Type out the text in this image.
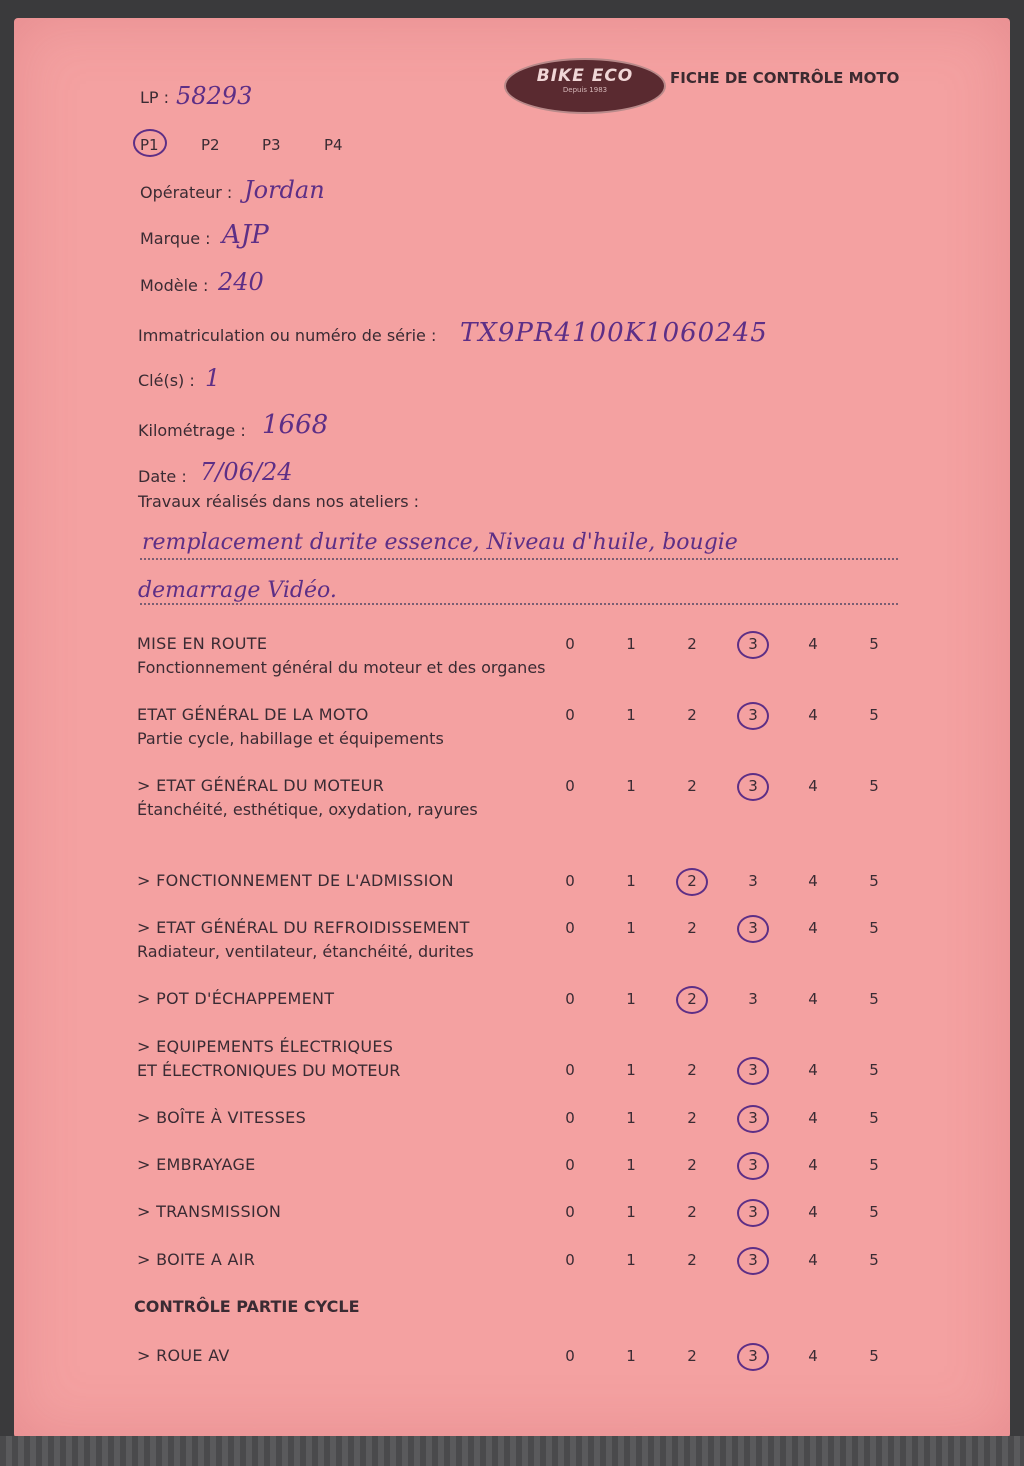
BIKE ECO
Depuis 1983
FICHE DE CONTRÔLE MOTO
LP : 58293
P1	P2	P3	P4
Opérateur : Jordan
Marque : AJP
Modèle : 240
Immatriculation ou numéro de série : TX9PR4100K1060245
Clé(s) : 1
Kilométrage : 1668
Date : 7/06/24
Travaux réalisés dans nos ateliers :
remplacement durite essence, Niveau d'huile, bougie
demarrage Vidéo.
MISE EN ROUTE
Fonctionnement général du moteur et des organes
0	1	2	3	4	5
ETAT GÉNÉRAL DE LA MOTO
Partie cycle, habillage et équipements
0	1	2	3	4	5
> ETAT GÉNÉRAL DU MOTEUR
Étanchéité, esthétique, oxydation, rayures
0	1	2	3	4	5
> FONCTIONNEMENT DE L'ADMISSION	0	1	2	3	4	5
> ETAT GÉNÉRAL DU REFROIDISSEMENT
Radiateur, ventilateur, étanchéité, durites
0	1	2	3	4	5
> POT D'ÉCHAPPEMENT	0	1	2	3	4	5
> EQUIPEMENTS ÉLECTRIQUES
ET ÉLECTRONIQUES DU MOTEUR	0	1	2	3	4	5
> BOÎTE À VITESSES	0	1	2	3	4	5
> EMBRAYAGE	0	1	2	3	4	5
> TRANSMISSION	0	1	2	3	4	5
> BOITE A AIR	0	1	2	3	4	5
> ROUE AV	0	1	2	3	4	5
CONTRÔLE PARTIE CYCLE
